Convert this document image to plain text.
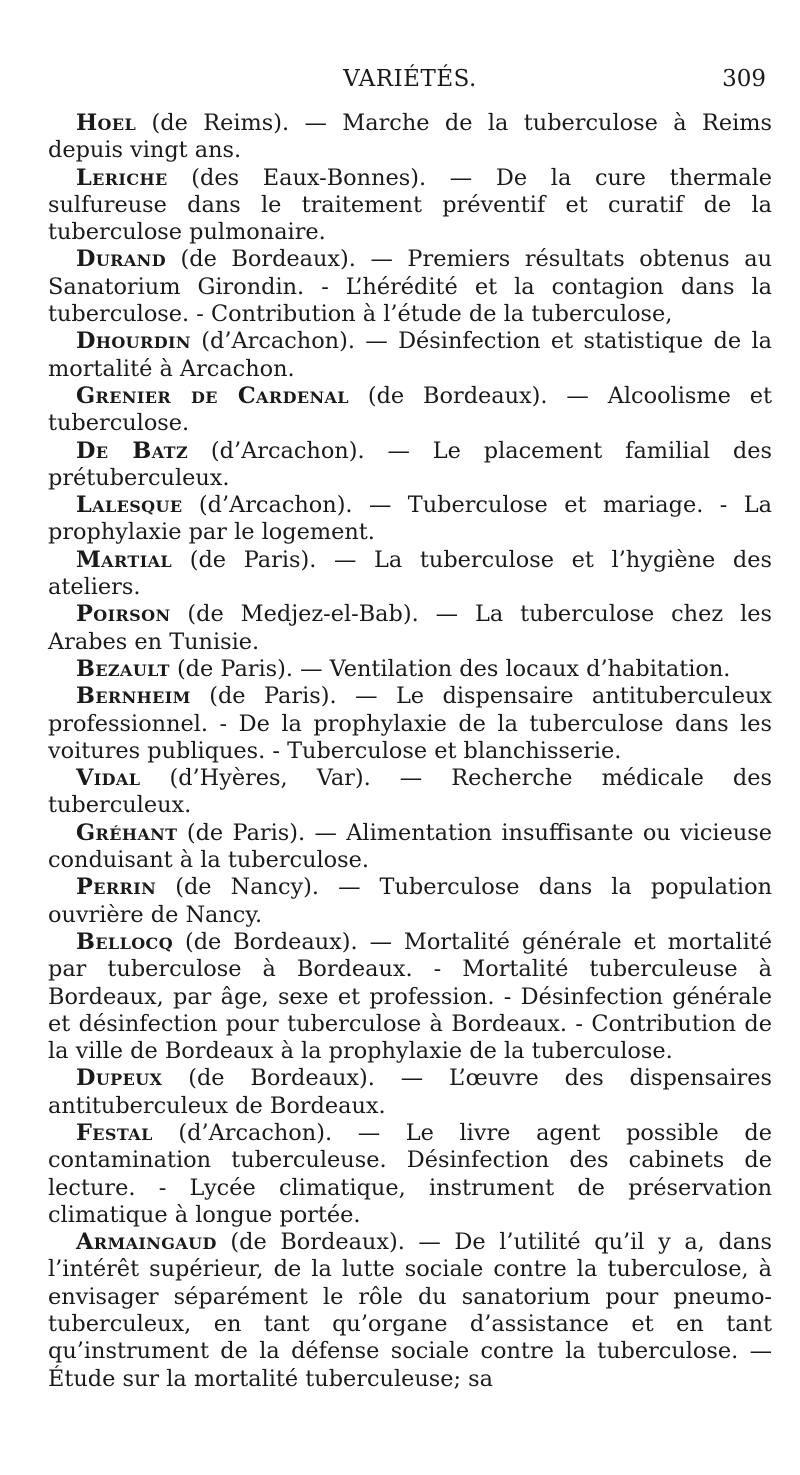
VARIÉTÉS.	309

Hoel (de Reims). — Marche de la tuberculose à Reims depuis vingt ans.

Leriche (des Eaux-Bonnes). — De la cure thermale sulfureuse dans le traitement préventif et curatif de la tuberculose pulmonaire.

Durand (de Bordeaux). — Premiers résultats obtenus au Sanatorium Girondin. - L’hérédité et la contagion dans la tuberculose. - Contribution à l’étude de la tuberculose,

Dhourdin (d’Arcachon). — Désinfection et statistique de la mortalité à Arcachon.

Grenier de Cardenal (de Bordeaux). — Alcoolisme et tuberculose.

De Batz (d’Arcachon). — Le placement familial des prétuberculeux.

Lalesque (d’Arcachon). — Tuberculose et mariage. - La prophylaxie par le logement.

Martial (de Paris). — La tuberculose et l’hygiène des ateliers.

Poirson (de Medjez-el-Bab). — La tuberculose chez les Arabes en Tunisie.

Bezault (de Paris). — Ventilation des locaux d’habitation.

Bernheim (de Paris). — Le dispensaire antituberculeux professionnel. - De la prophylaxie de la tuberculose dans les voitures publiques. - Tuberculose et blanchisserie.

Vidal (d’Hyères, Var). — Recherche médicale des tuberculeux.

Gréhant (de Paris). — Alimentation insuffisante ou vicieuse conduisant à la tuberculose.

Perrin (de Nancy). — Tuberculose dans la population ouvrière de Nancy.

Bellocq (de Bordeaux). — Mortalité générale et mortalité par tuberculose à Bordeaux. - Mortalité tuberculeuse à Bordeaux, par âge, sexe et profession. - Désinfection générale et désinfection pour tuberculose à Bordeaux. - Contribution de la ville de Bordeaux à la prophylaxie de la tuberculose.

Dupeux (de Bordeaux). — L’œuvre des dispensaires antituberculeux de Bordeaux.

Festal (d’Arcachon). — Le livre agent possible de contamination tuberculeuse. Désinfection des cabinets de lecture. - Lycée climatique, instrument de préservation climatique à longue portée.

Armaingaud (de Bordeaux). — De l’utilité qu’il y a, dans l’intérêt supérieur, de la lutte sociale contre la tuberculose, à envisager séparément le rôle du sanatorium pour pneumo-tuberculeux, en tant qu’organe d’assistance et en tant qu’instrument de la défense sociale contre la tuberculose. — Étude sur la mortalité tuberculeuse; sa
